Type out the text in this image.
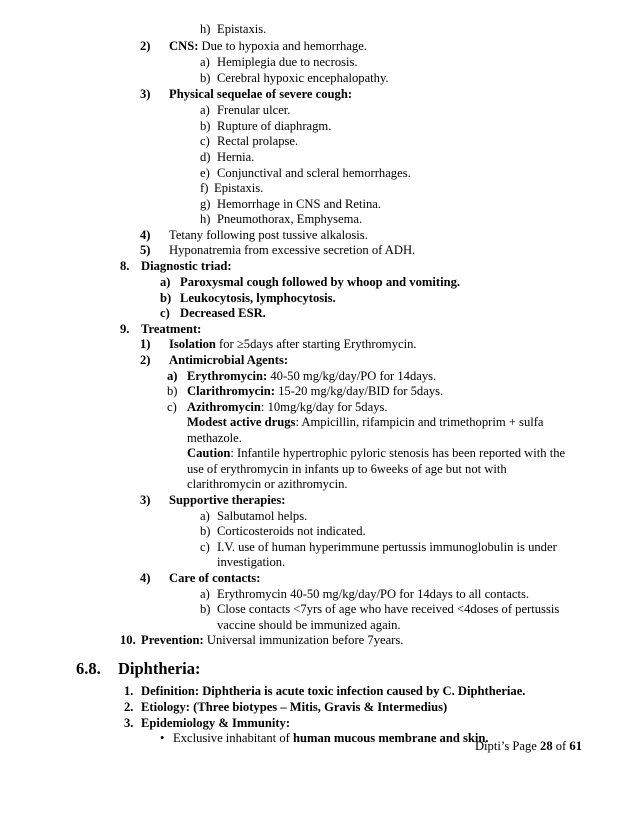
h) Epistaxis.
2) CNS: Due to hypoxia and hemorrhage.
a) Hemiplegia due to necrosis.
b) Cerebral hypoxic encephalopathy.
3) Physical sequelae of severe cough:
a) Frenular ulcer.
b) Rupture of diaphragm.
c) Rectal prolapse.
d) Hernia.
e) Conjunctival and scleral hemorrhages.
f) Epistaxis.
g) Hemorrhage in CNS and Retina.
h) Pneumothorax, Emphysema.
4) Tetany following post tussive alkalosis.
5) Hyponatremia from excessive secretion of ADH.
8. Diagnostic triad:
a) Paroxysmal cough followed by whoop and vomiting.
b) Leukocytosis, lymphocytosis.
c) Decreased ESR.
9. Treatment:
1) Isolation for ≥5days after starting Erythromycin.
2) Antimicrobial Agents:
a) Erythromycin: 40-50 mg/kg/day/PO for 14days.
b) Clarithromycin: 15-20 mg/kg/day/BID for 5days.
c) Azithromycin: 10mg/kg/day for 5days.
Modest active drugs: Ampicillin, rifampicin and trimethoprim + sulfa
methazole.
Caution: Infantile hypertrophic pyloric stenosis has been reported with the
use of erythromycin in infants up to 6weeks of age but not with
clarithromycin or azithromycin.
3) Supportive therapies:
a) Salbutamol helps.
b) Corticosteroids not indicated.
c) I.V. use of human hyperimmune pertussis immunoglobulin is under
investigation.
4) Care of contacts:
a) Erythromycin 40-50 mg/kg/day/PO for 14days to all contacts.
b) Close contacts <7yrs of age who have received <4doses of pertussis
vaccine should be immunized again.
10. Prevention: Universal immunization before 7years.
6.8. Diphtheria:
1. Definition: Diphtheria is acute toxic infection caused by C. Diphtheriae.
2. Etiology: (Three biotypes – Mitis, Gravis & Intermedius)
3. Epidemiology & Immunity:
• Exclusive inhabitant of human mucous membrane and skin.
Dipti’s Page 28 of 61
